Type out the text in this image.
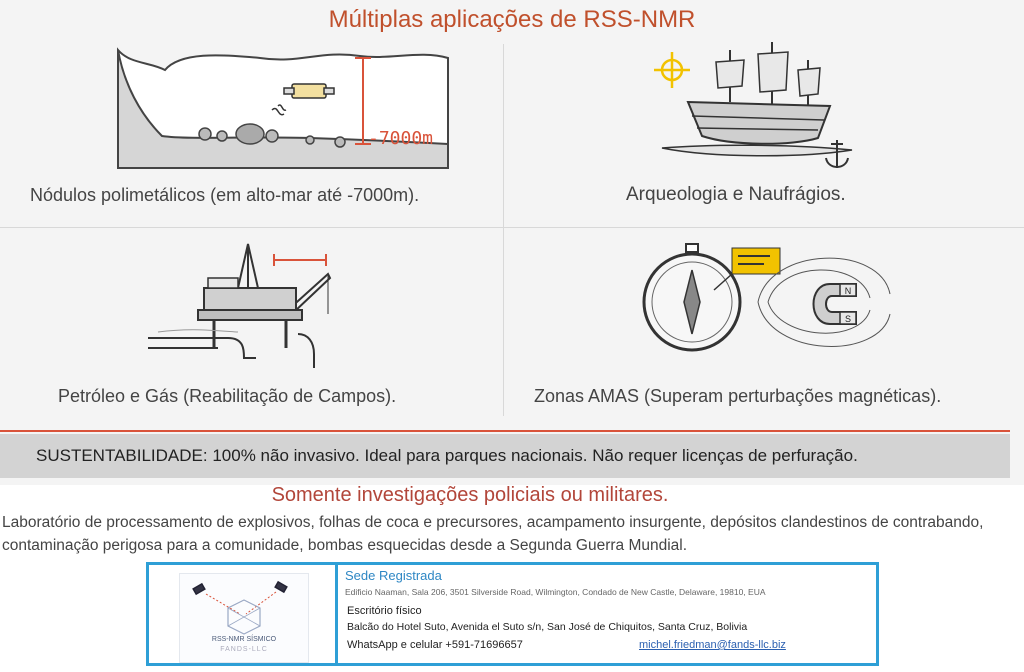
Múltiplas aplicações de RSS-NMR
-7000m
Nódulos polimetálicos (em alto-mar até -7000m).	Arqueologia e Naufrágios.
Petróleo e Gás (Reabilitação de Campos).
N
S
Zonas AMAS (Superam perturbações magnéticas).
SUSTENTABILIDADE: 100% não invasivo. Ideal para parques nacionais. Não requer licenças de perfuração.
Somente investigações policiais ou militares.
Laboratório de processamento de explosivos, folhas de coca e precursores, acampamento insurgente, depósitos clandestinos de contrabando, contaminação perigosa para a comunidade, bombas esquecidas desde a Segunda Guerra Mundial.
RSS-NMR SÍSMICO
FANDS-LLC
Sede Registrada
Edificio Naaman, Sala 206, 3501 Silverside Road, Wilmington, Condado de New Castle, Delaware, 19810, EUA
Escritório físico
Balcão do Hotel Suto, Avenida el Suto s/n, San José de Chiquitos, Santa Cruz, Bolivia
WhatsApp e celular +591-71696657	michel.friedman@fands-llc.biz
